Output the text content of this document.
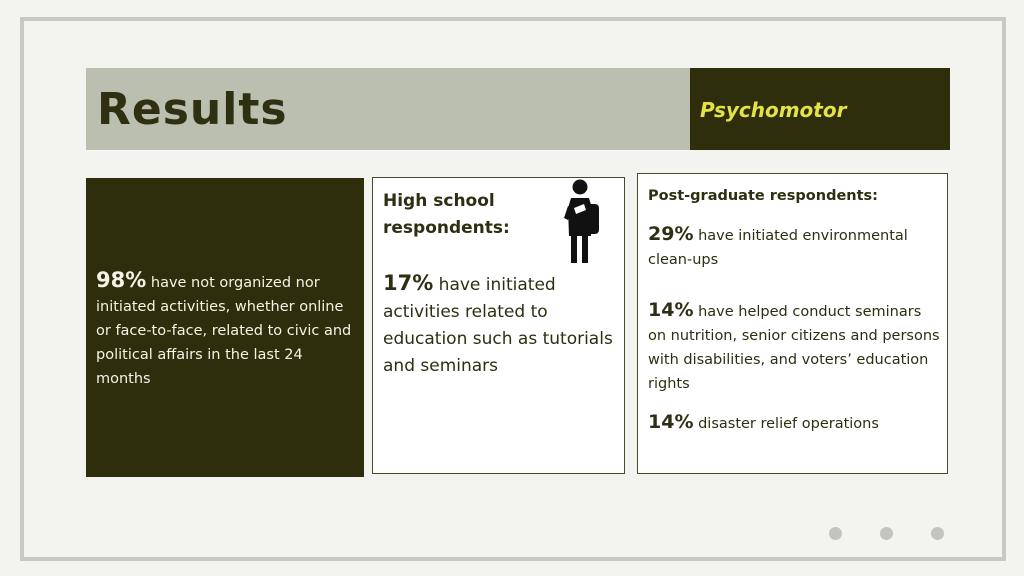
Results	Psychomotor
98% have not organized nor initiated activities, whether online or face-to-face, related to civic and political affairs in the last 24 months
High school respondents:
17% have initiated activities related to education such as tutorials and seminars
Post-graduate respondents:
29% have initiated environmental clean-ups
14% have helped conduct seminars on nutrition, senior citizens and persons with disabilities, and voters’ education rights
14% disaster relief operations
